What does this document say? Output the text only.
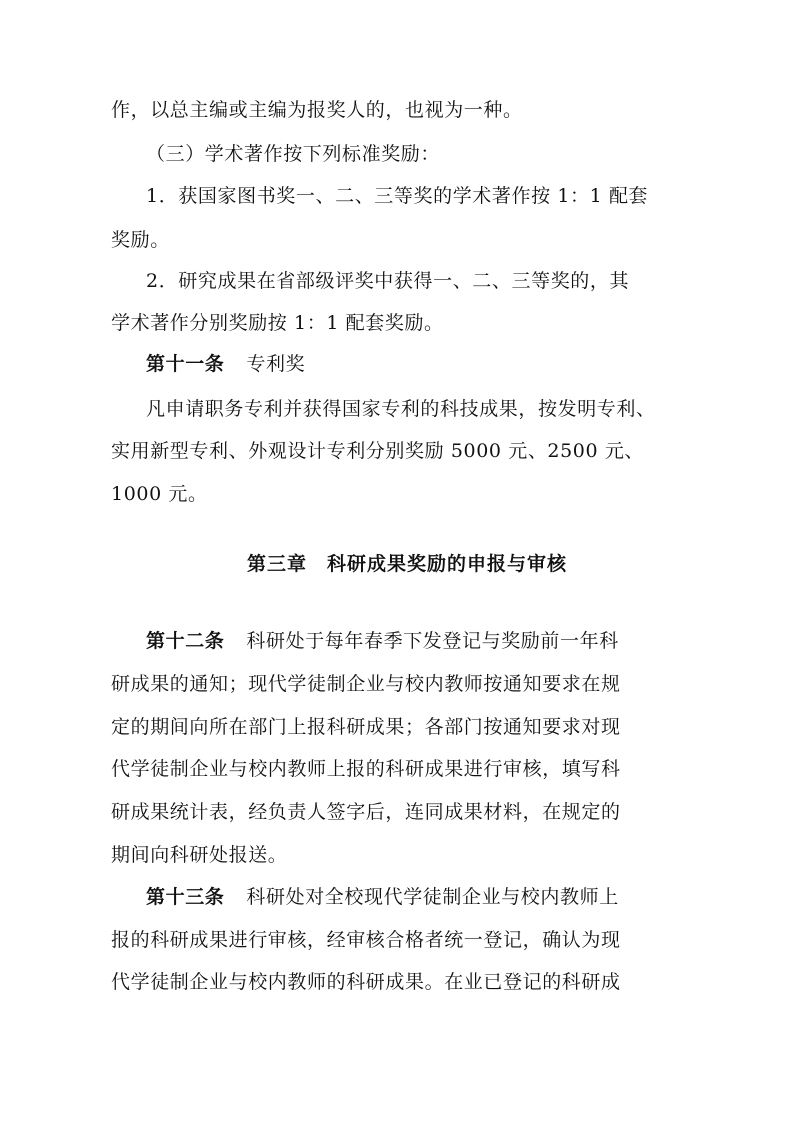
作，以总主编或主编为报奖人的，也视为一种。
（三）学术著作按下列标准奖励：
1．获国家图书奖一、二、三等奖的学术著作按 1：1 配套
奖励。
2．研究成果在省部级评奖中获得一、二、三等奖的，其
学术著作分别奖励按 1：1 配套奖励。
第十一条 专利奖
凡申请职务专利并获得国家专利的科技成果，按发明专利、
实用新型专利、外观设计专利分别奖励 5000 元、2500 元、
1000 元。
第三章　科研成果奖励的申报与审核
第十二条 科研处于每年春季下发登记与奖励前一年科
研成果的通知；现代学徒制企业与校内教师按通知要求在规
定的期间向所在部门上报科研成果；各部门按通知要求对现
代学徒制企业与校内教师上报的科研成果进行审核，填写科
研成果统计表，经负责人签字后，连同成果材料，在规定的
期间向科研处报送。
第十三条 科研处对全校现代学徒制企业与校内教师上
报的科研成果进行审核，经审核合格者统一登记，确认为现
代学徒制企业与校内教师的科研成果。在业已登记的科研成
